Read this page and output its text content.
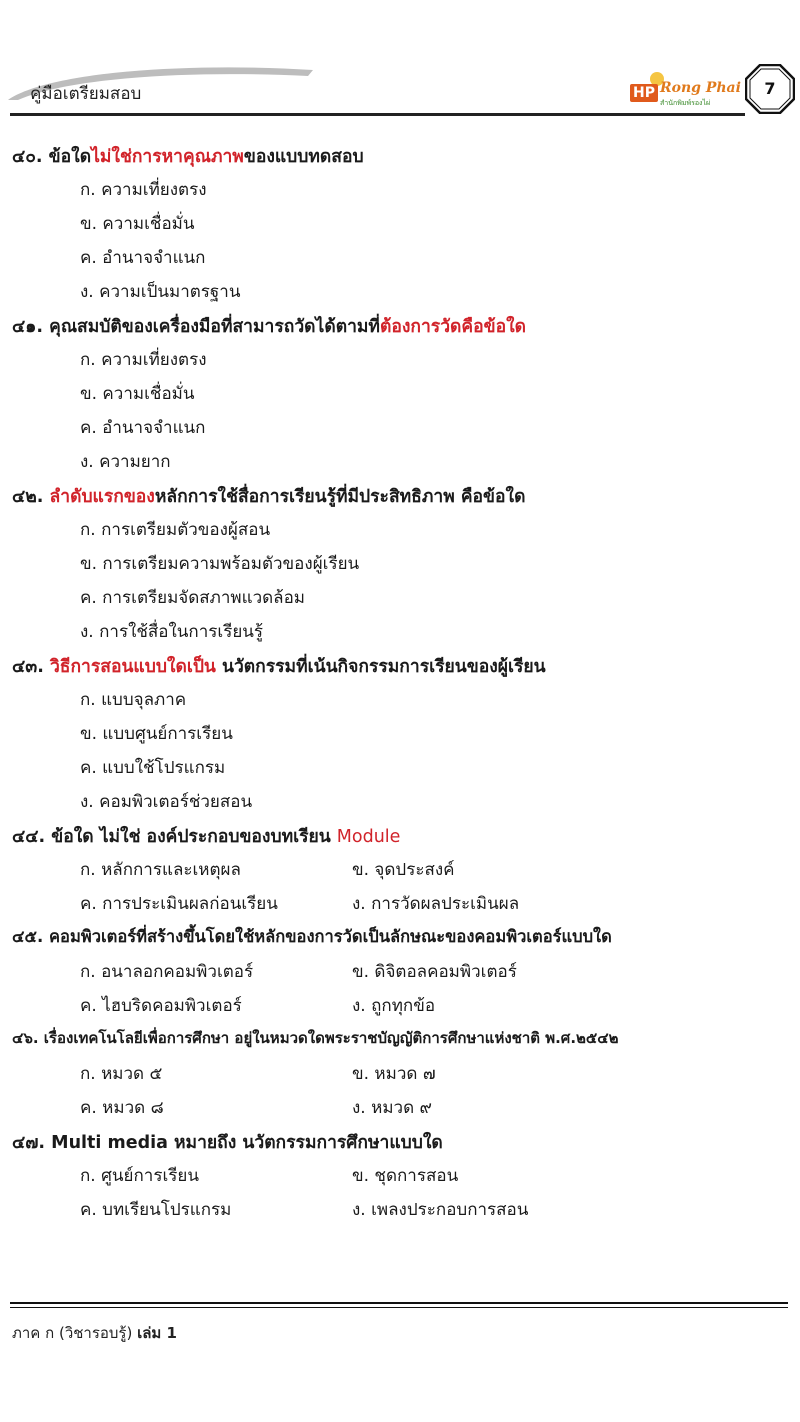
คู่มือเตรียมสอบ	HP Rong Phai
สำนักพิมพ์รองไผ่
7
๔๐. ข้อใดไม่ใช่การหาคุณภาพของแบบทดสอบ
ก. ความเที่ยงตรง
ข. ความเชื่อมั่น
ค. อำนาจจำแนก
ง. ความเป็นมาตรฐาน
๔๑. คุณสมบัติของเครื่องมือที่สามารถวัดได้ตามที่ต้องการวัดคือข้อใด
ก. ความเที่ยงตรง
ข. ความเชื่อมั่น
ค. อำนาจจำแนก
ง. ความยาก
๔๒. ลำดับแรกของหลักการใช้สื่อการเรียนรู้ที่มีประสิทธิภาพ คือข้อใด
ก. การเตรียมตัวของผู้สอน
ข. การเตรียมความพร้อมตัวของผู้เรียน
ค. การเตรียมจัดสภาพแวดล้อม
ง. การใช้สื่อในการเรียนรู้
๔๓. วิธีการสอนแบบใดเป็น นวัตกรรมที่เน้นกิจกรรมการเรียนของผู้เรียน
ก. แบบจุลภาค
ข. แบบศูนย์การเรียน
ค. แบบใช้โปรแกรม
ง. คอมพิวเตอร์ช่วยสอน
๔๔. ข้อใด ไม่ใช่ องค์ประกอบของบทเรียน Module
ก. หลักการและเหตุผล	ข. จุดประสงค์
ค. การประเมินผลก่อนเรียน	ง. การวัดผลประเมินผล
๔๕. คอมพิวเตอร์ที่สร้างขึ้นโดยใช้หลักของการวัดเป็นลักษณะของคอมพิวเตอร์แบบใด
ก. อนาลอกคอมพิวเตอร์	ข. ดิจิตอลคอมพิวเตอร์
ค. ไฮบริดคอมพิวเตอร์	ง. ถูกทุกข้อ
๔๖. เรื่องเทคโนโลยีเพื่อการศึกษา อยู่ในหมวดใดพระราชบัญญัติการศึกษาแห่งชาติ พ.ศ.๒๕๔๒
ก. หมวด ๕	ข. หมวด ๗
ค. หมวด ๘	ง. หมวด ๙
๔๗. Multi media หมายถึง นวัตกรรมการศึกษาแบบใด
ก. ศูนย์การเรียน	ข. ชุดการสอน
ค. บทเรียนโปรแกรม	ง. เพลงประกอบการสอน
ภาค ก (วิชารอบรู้) เล่ม 1
